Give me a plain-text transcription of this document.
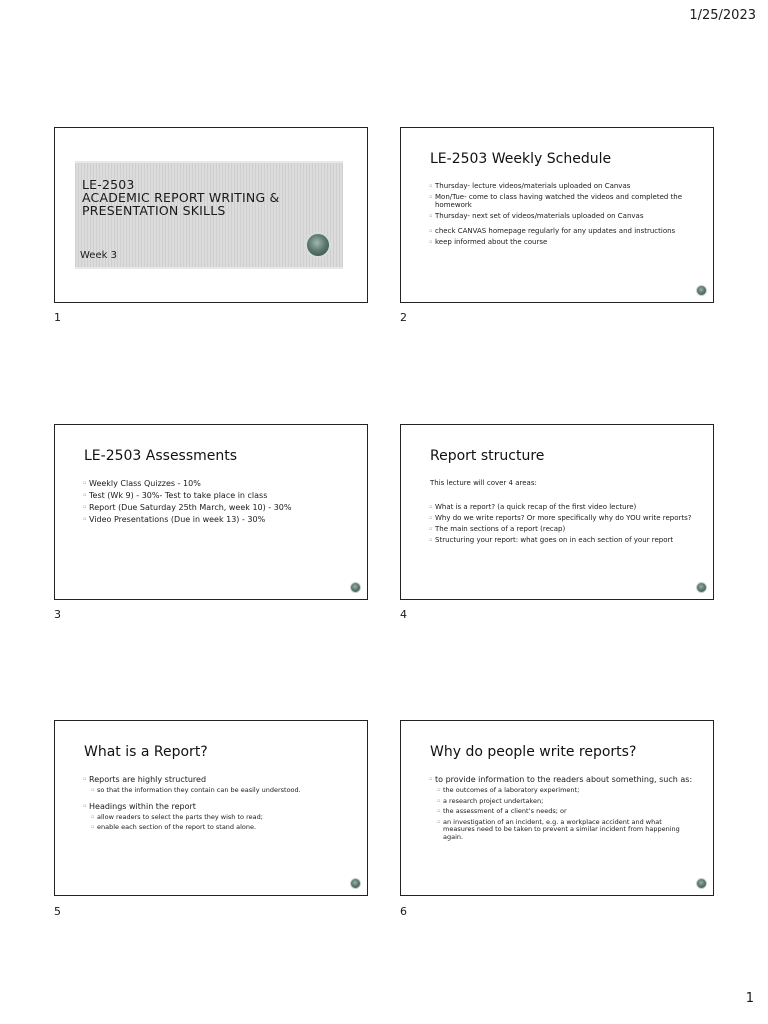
1/25/2023
LE-2503
ACADEMIC REPORT WRITING &
PRESENTATION SKILLS
Week 3
1
LE-2503 Weekly Schedule
▫ Thursday- lecture videos/materials uploaded on Canvas
▫ Mon/Tue- come to class having watched the videos and completed the homework
▫ Thursday- next set of videos/materials uploaded on Canvas
▫ check CANVAS homepage regularly for any updates and instructions
▫ keep informed about the course
2
LE-2503 Assessments
▫ Weekly Class Quizzes - 10%
▫ Test (Wk 9) - 30%- Test to take place in class
▫ Report (Due Saturday 25th March, week 10) - 30%
▫ Video Presentations (Due in week 13) - 30%
3
Report structure
This lecture will cover 4 areas:
▫ What is a report? (a quick recap of the first video lecture)
▫ Why do we write reports? Or more specifically why do YOU write reports?
▫ The main sections of a report (recap)
▫ Structuring your report: what goes on in each section of your report
4
What is a Report?
▫ Reports are highly structured
▫ so that the information they contain can be easily understood.
▫ Headings within the report
▫ allow readers to select the parts they wish to read;
▫ enable each section of the report to stand alone.
5
Why do people write reports?
▫ to provide information to the readers about something, such as:
▫ the outcomes of a laboratory experiment;
▫ a research project undertaken;
▫ the assessment of a client’s needs; or
▫ an investigation of an incident, e.g. a workplace accident and what measures need to be taken to prevent a similar incident from happening again.
6
1
